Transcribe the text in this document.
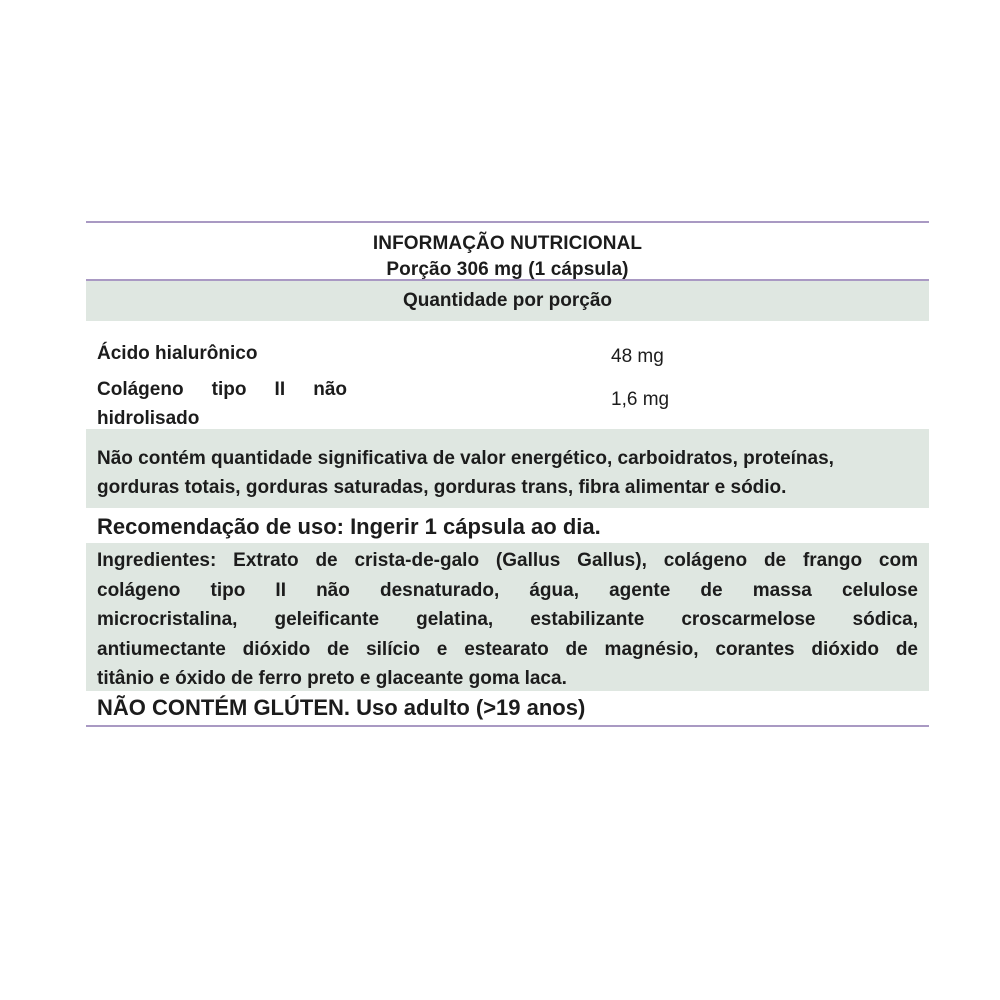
INFORMAÇÃO NUTRICIONAL
Porção 306 mg (1 cápsula)
Quantidade por porção
Ácido hialurônico	48 mg
Colágeno tipo II não
hidrolisado
1,6 mg
Não contém quantidade significativa de valor energético, carboidratos, proteínas,
gorduras totais, gorduras saturadas, gorduras trans, fibra alimentar e sódio.
Recomendação de uso: Ingerir 1 cápsula ao dia.
Ingredientes: Extrato de crista-de-galo (Gallus Gallus), colágeno de frango com
colágeno tipo II não desnaturado, água, agente de massa celulose
microcristalina, geleificante gelatina, estabilizante croscarmelose sódica,
antiumectante dióxido de silício e estearato de magnésio, corantes dióxido de
titânio e óxido de ferro preto e glaceante goma laca.
NÃO CONTÉM GLÚTEN. Uso adulto (>19 anos)
